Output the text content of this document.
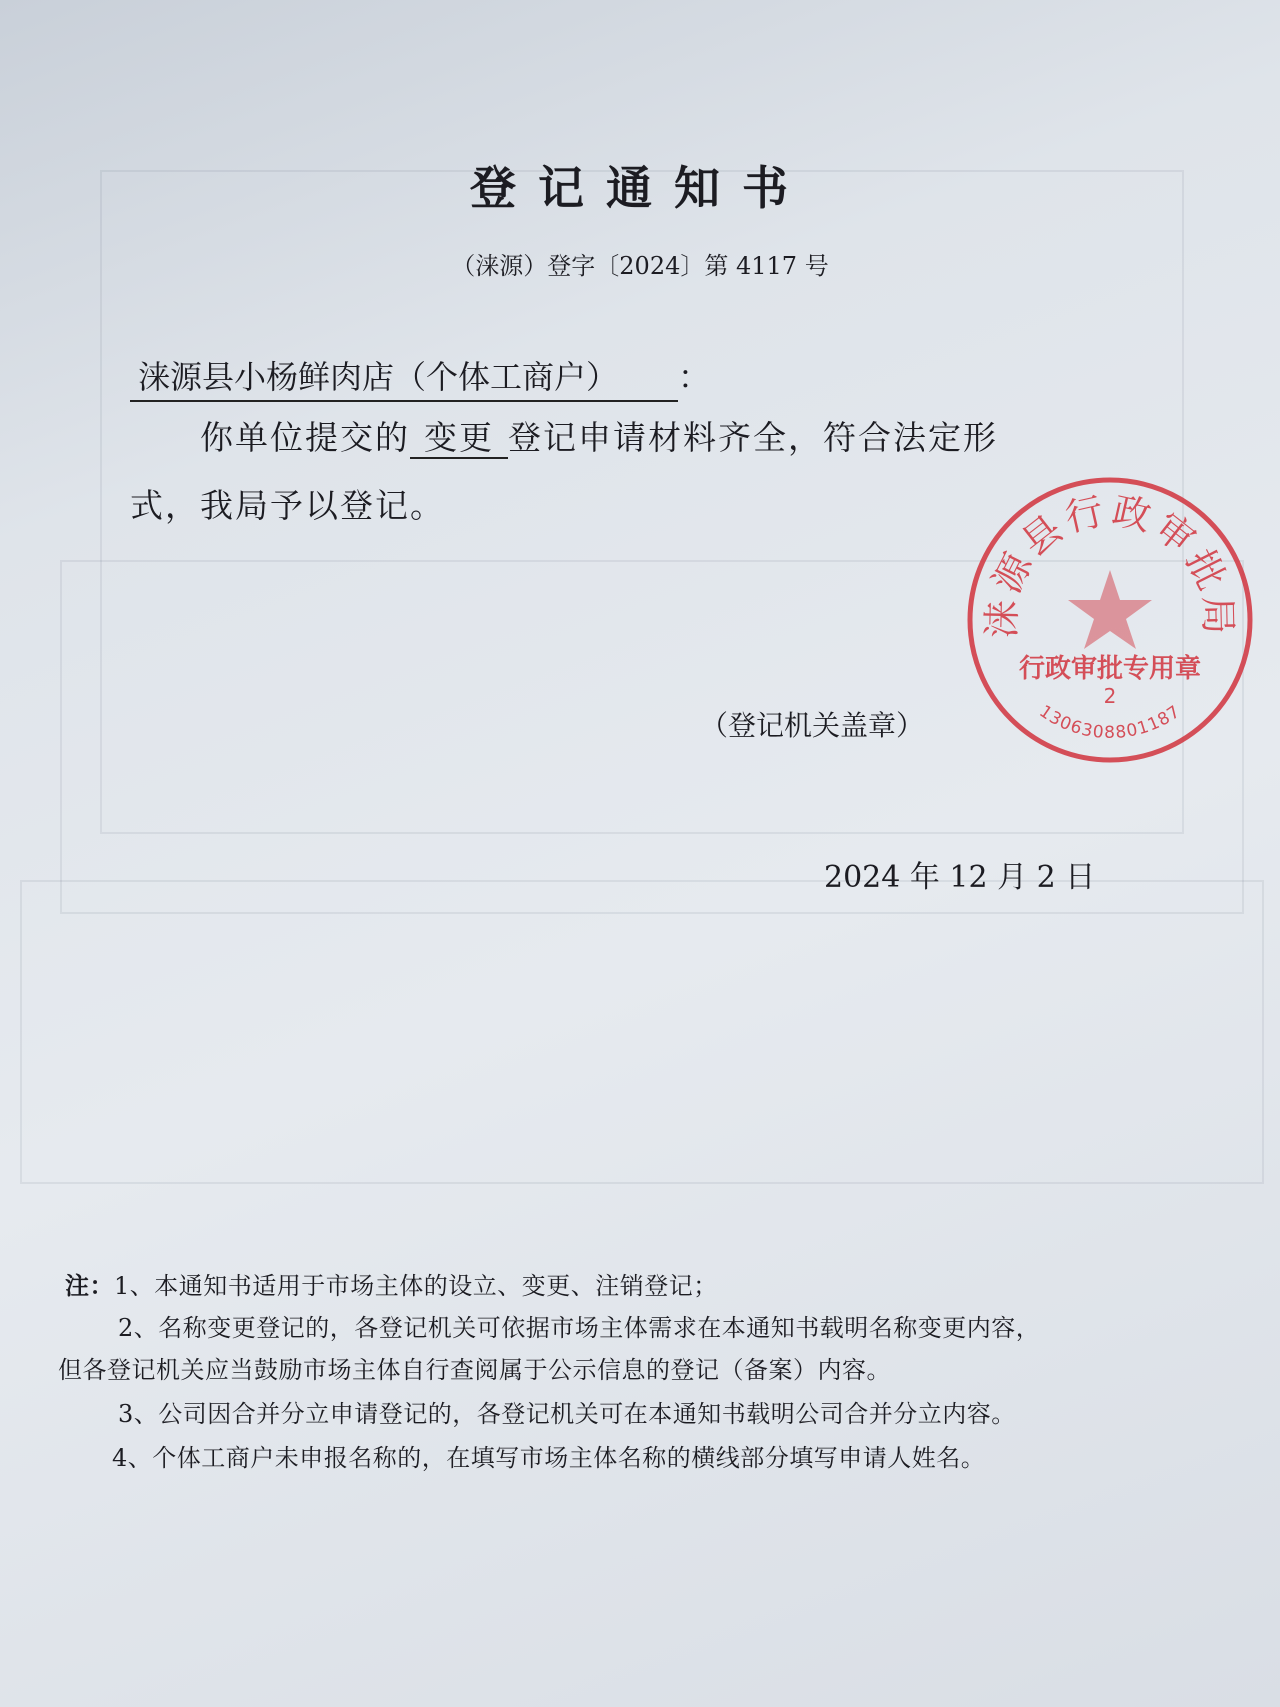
登记通知书
（涞源）登字〔2024〕第 4117 号
涞源县小杨鲜肉店（个体工商户） ：
你单位提交的 变更 登记申请材料齐全，符合法定形
式，我局予以登记。
涞源县行政审批局
行政审批专用章
2
1306308801187
（登记机关盖章）
2024 年 12 月 2 日
注：1、本通知书适用于市场主体的设立、变更、注销登记；
2、名称变更登记的，各登记机关可依据市场主体需求在本通知书载明名称变更内容，
但各登记机关应当鼓励市场主体自行查阅属于公示信息的登记（备案）内容。
3、公司因合并分立申请登记的，各登记机关可在本通知书载明公司合并分立内容。
4、个体工商户未申报名称的，在填写市场主体名称的横线部分填写申请人姓名。
